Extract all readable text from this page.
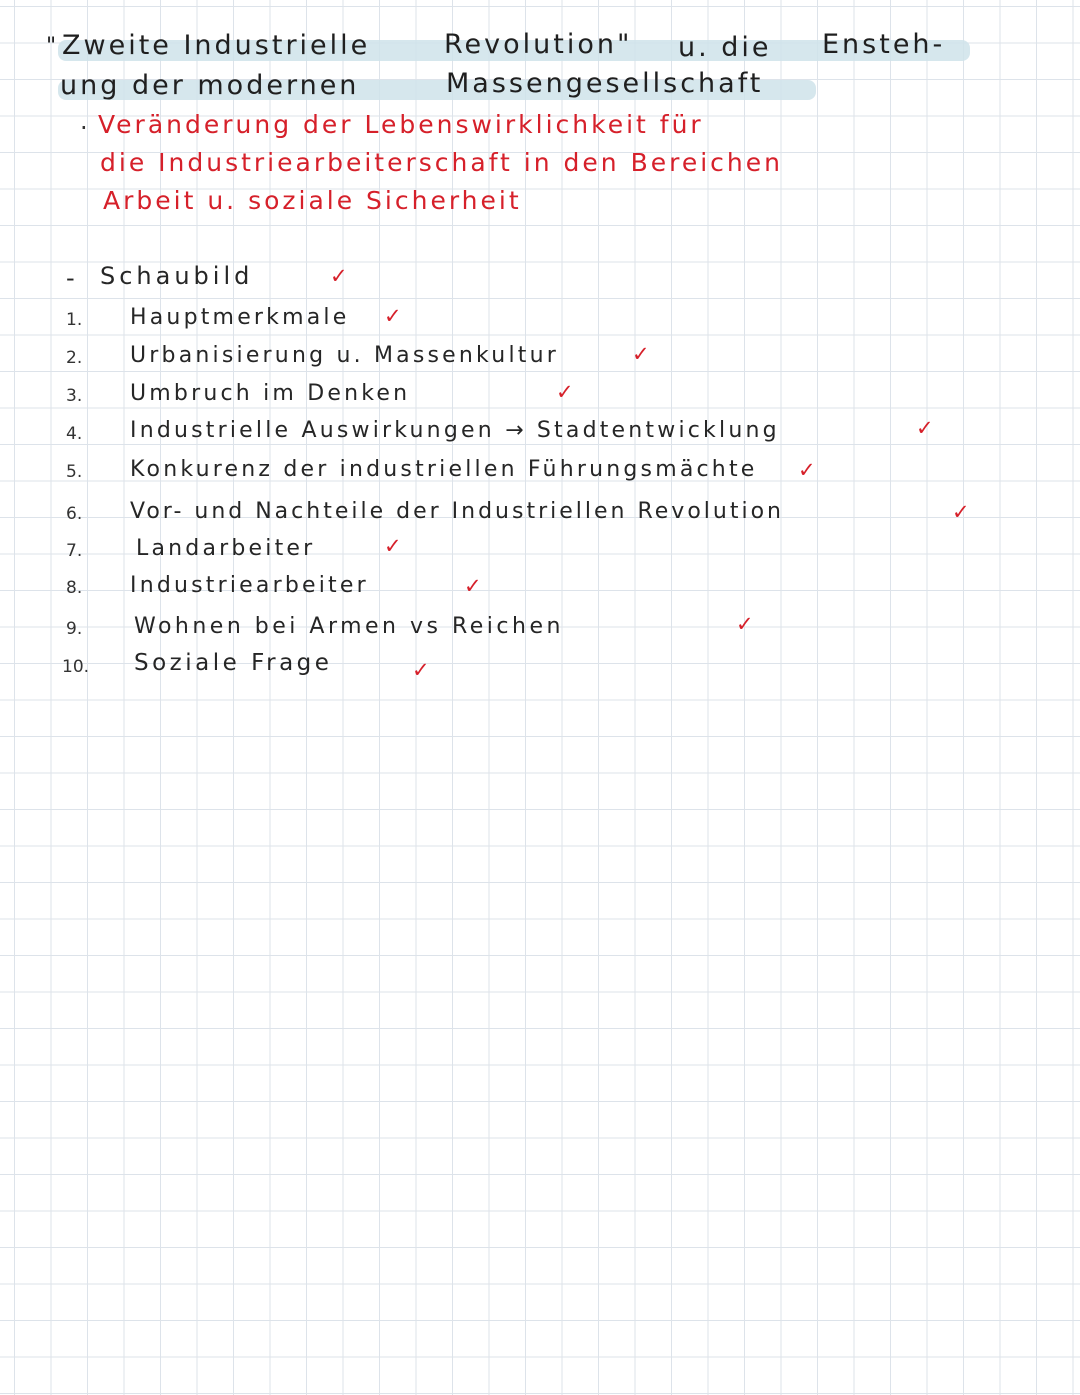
" Zweite Industrielle	Revolution" u. die Ensteh-
ung der modernen	Massengesellschaft
· Veränderung der Lebenswirklichkeit für
die Industriearbeiterschaft in den Bereichen
Arbeit u. soziale Sicherheit
- Schaubild	✓
1. Hauptmerkmale ✓
2. Urbanisierung u. Massenkultur	✓
3. Umbruch im Denken	✓
4. Industrielle Auswirkungen → Stadtentwicklung	✓
5. Konkurenz der industriellen Führungsmächte ✓
6. Vor- und Nachteile der Industriellen Revolution	✓
7. Landarbeiter	✓
8. Industriearbeiter	✓
9. Wohnen bei Armen vs Reichen	✓
10. Soziale Frage	✓
